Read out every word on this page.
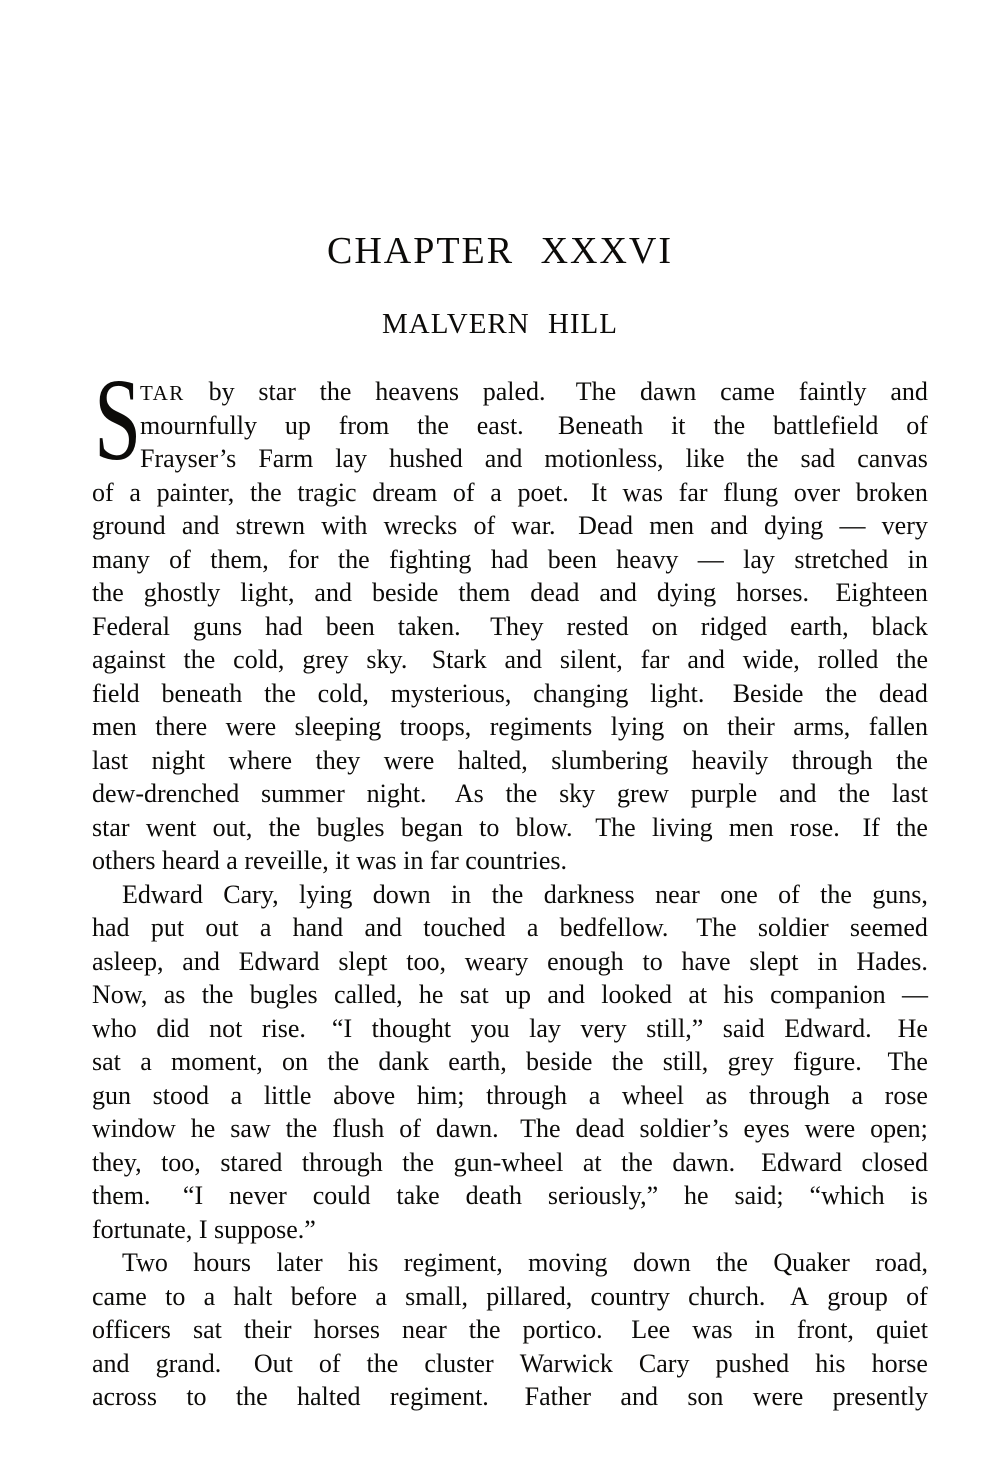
CHAPTER XXXVI
MALVERN HILL
S
TAR by star the heavens paled. The dawn came faintly and
mournfully up from the east. Beneath it the battlefield of
Frayser’s Farm lay hushed and motionless, like the sad canvas
of a painter, the tragic dream of a poet. It was far flung over broken
ground and strewn with wrecks of war. Dead men and dying — very
many of them, for the fighting had been heavy — lay stretched in
the ghostly light, and beside them dead and dying horses. Eighteen
Federal guns had been taken. They rested on ridged earth, black
against the cold, grey sky. Stark and silent, far and wide, rolled the
field beneath the cold, mysterious, changing light. Beside the dead
men there were sleeping troops, regiments lying on their arms, fallen
last night where they were halted, slumbering heavily through the
dew-drenched summer night. As the sky grew purple and the last
star went out, the bugles began to blow. The living men rose. If the
others heard a reveille, it was in far countries.
Edward Cary, lying down in the darkness near one of the guns,
had put out a hand and touched a bedfellow. The soldier seemed
asleep, and Edward slept too, weary enough to have slept in Hades.
Now, as the bugles called, he sat up and looked at his companion —
who did not rise. “I thought you lay very still,” said Edward. He
sat a moment, on the dank earth, beside the still, grey figure. The
gun stood a little above him; through a wheel as through a rose
window he saw the flush of dawn. The dead soldier’s eyes were open;
they, too, stared through the gun-wheel at the dawn. Edward closed
them. “I never could take death seriously,” he said; “which is
fortunate, I suppose.”
Two hours later his regiment, moving down the Quaker road,
came to a halt before a small, pillared, country church. A group of
officers sat their horses near the portico. Lee was in front, quiet
and grand. Out of the cluster Warwick Cary pushed his horse
across to the halted regiment. Father and son were presently
